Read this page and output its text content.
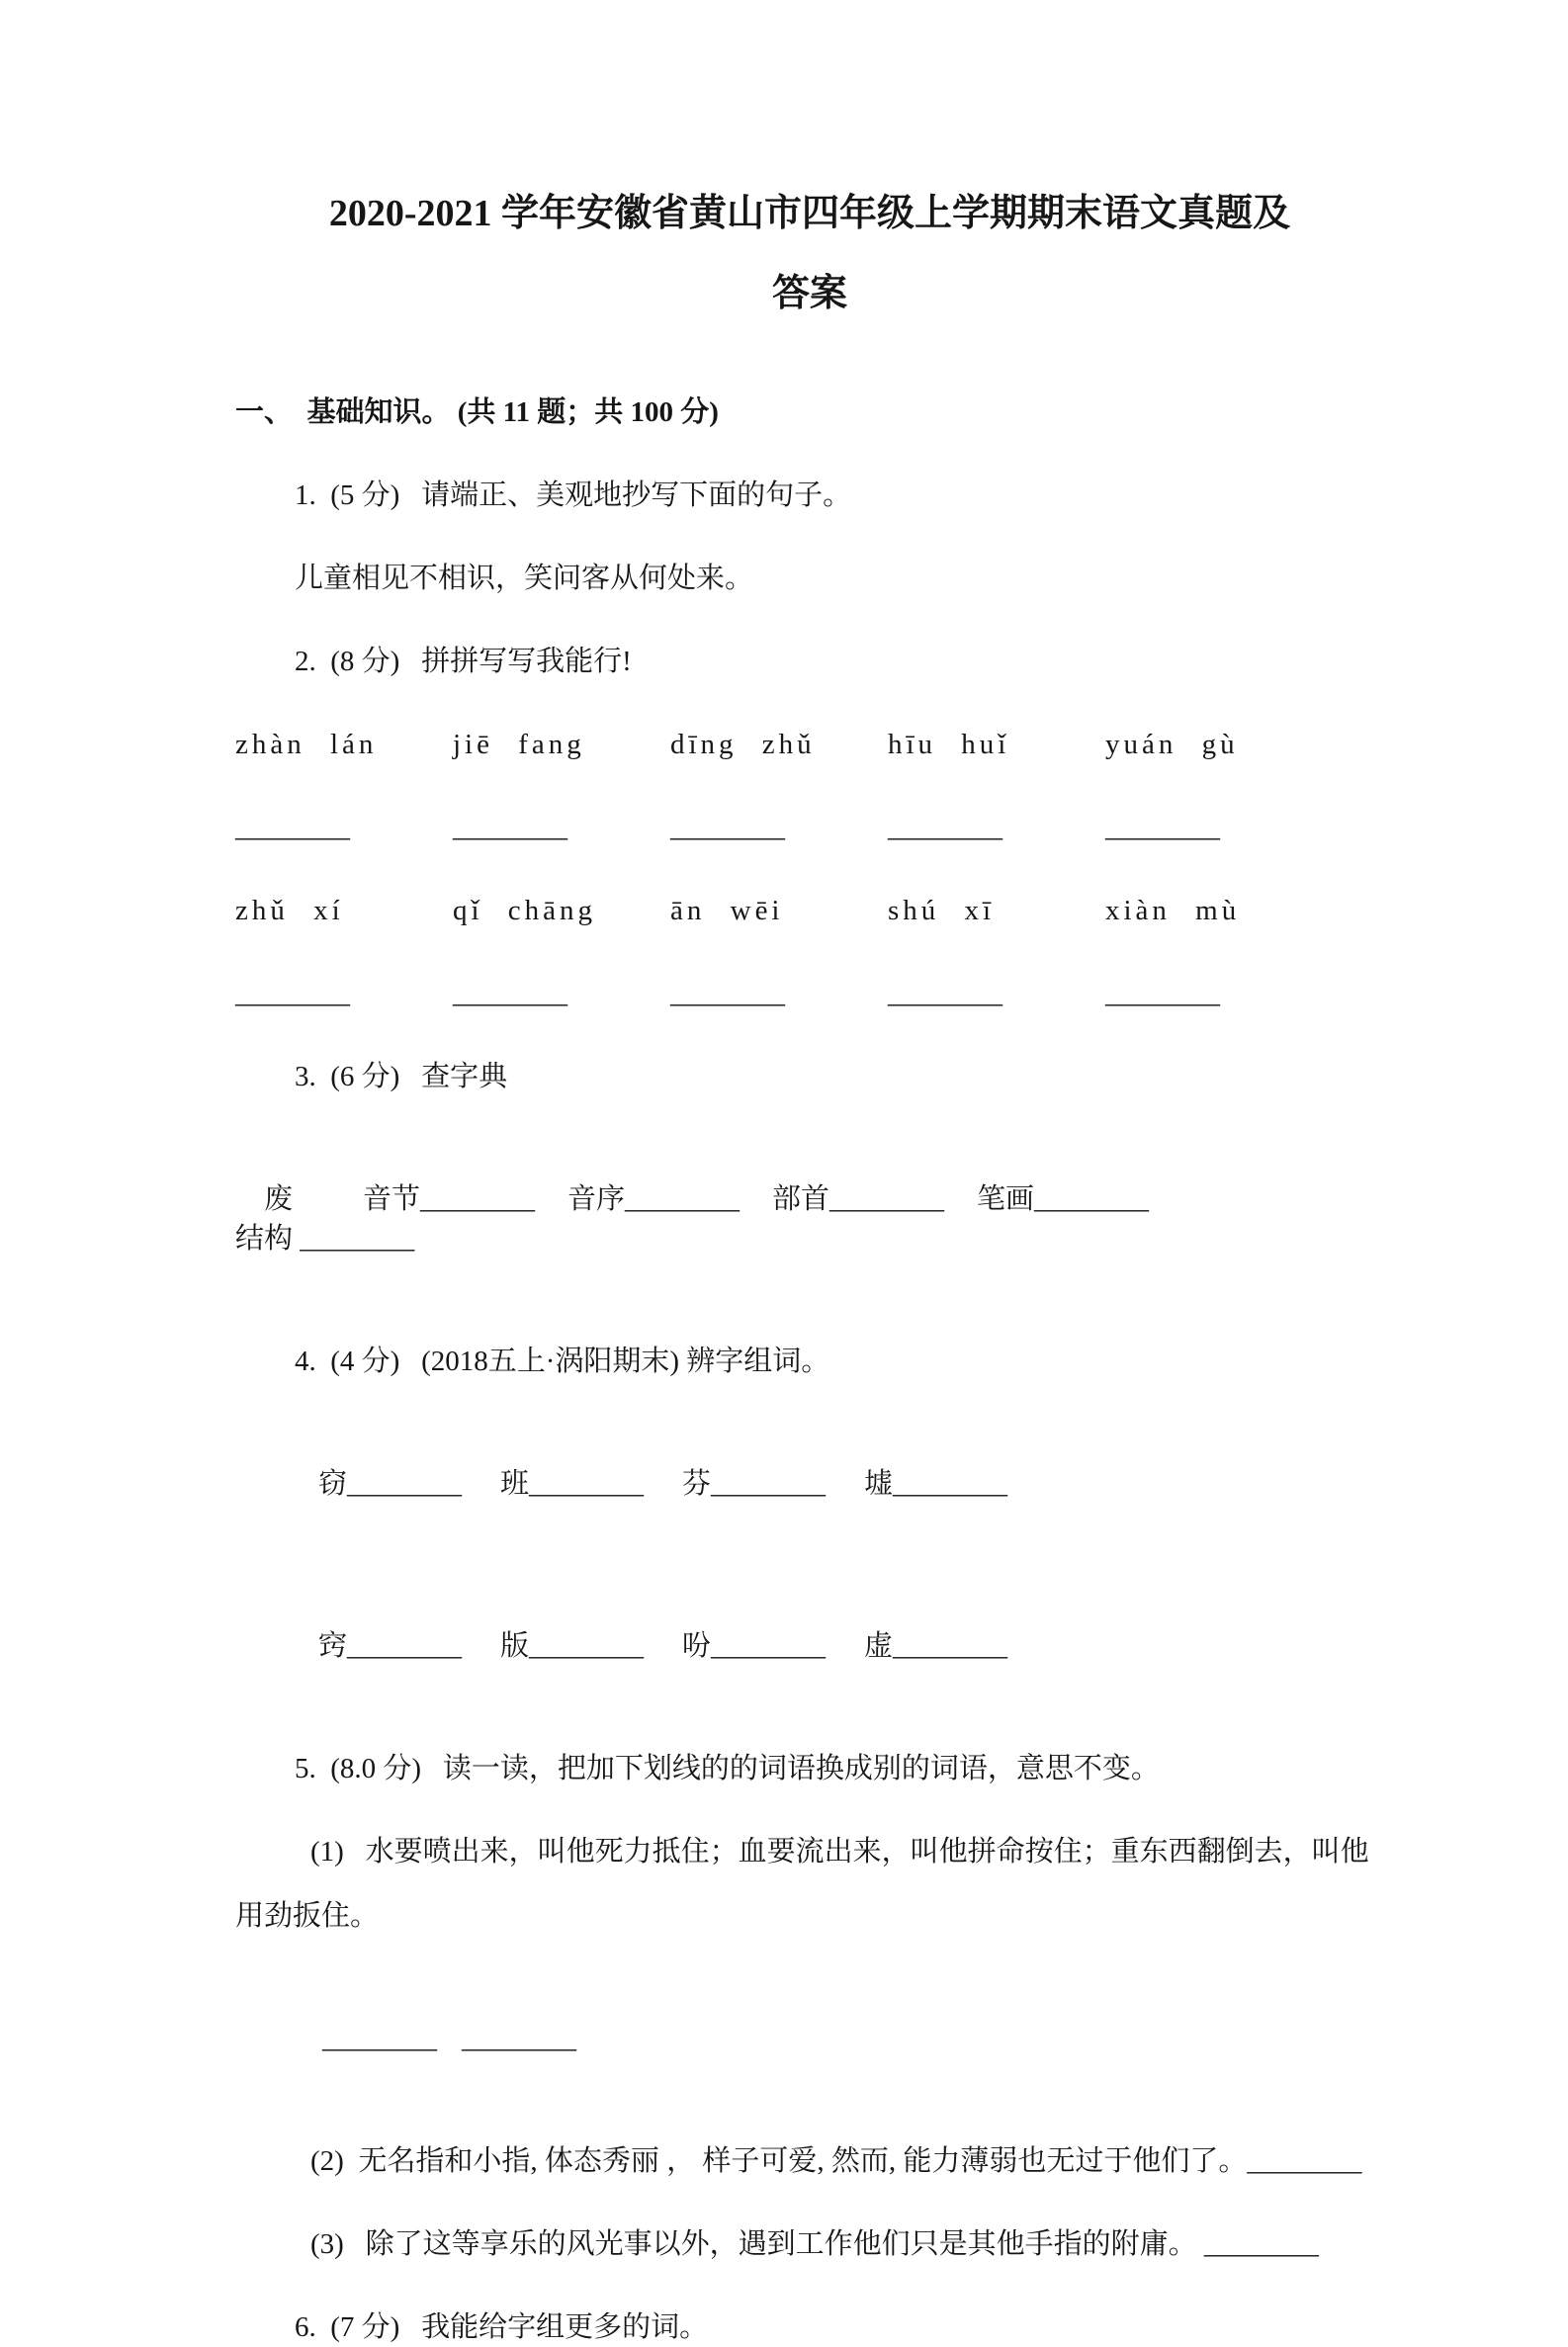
2020-2021 学年安徽省黄山市四年级上学期期末语文真题及
答案
一、  基础知识。 (共 11 题；共 100 分)
1.  (5 分)   请端正、美观地抄写下面的句子。
儿童相见不相识，笑问客从何处来。
2.  (8 分)   拼拼写写我能行!
zhàn lán	jiē fang	dīng zhǔ	hīu huǐ	yuán gù
________	________	________	________	________
zhǔ xí	qǐ chāng	ān wēi	shú xī	xiàn mù
________	________	________	________	________
3.  (6 分)   查字典

废 音节________ 音序________ 部首________ 笔画________结构 ________

4.  (4 分)   (2018五上·涡阳期末) 辨字组词。

窃________ 班________ 芬________ 墟________

窍________ 版________ 吩________ 虚________

5.  (8.0 分)   读一读，把加下划线的的词语换成别的词语，意思不变。
(1)   水要喷出来，叫他死力抵住；血要流出来，叫他拼命按住；重东西翻倒去，叫他
用劲扳住。

________ ________

(2)  无名指和小指, 体态秀丽 ， 样子可爱, 然而, 能力薄弱也无过于他们了。________
(3)   除了这等享乐的风光事以外，遇到工作他们只是其他手指的附庸。 ________
6.  (7 分)   我能给字组更多的词。
